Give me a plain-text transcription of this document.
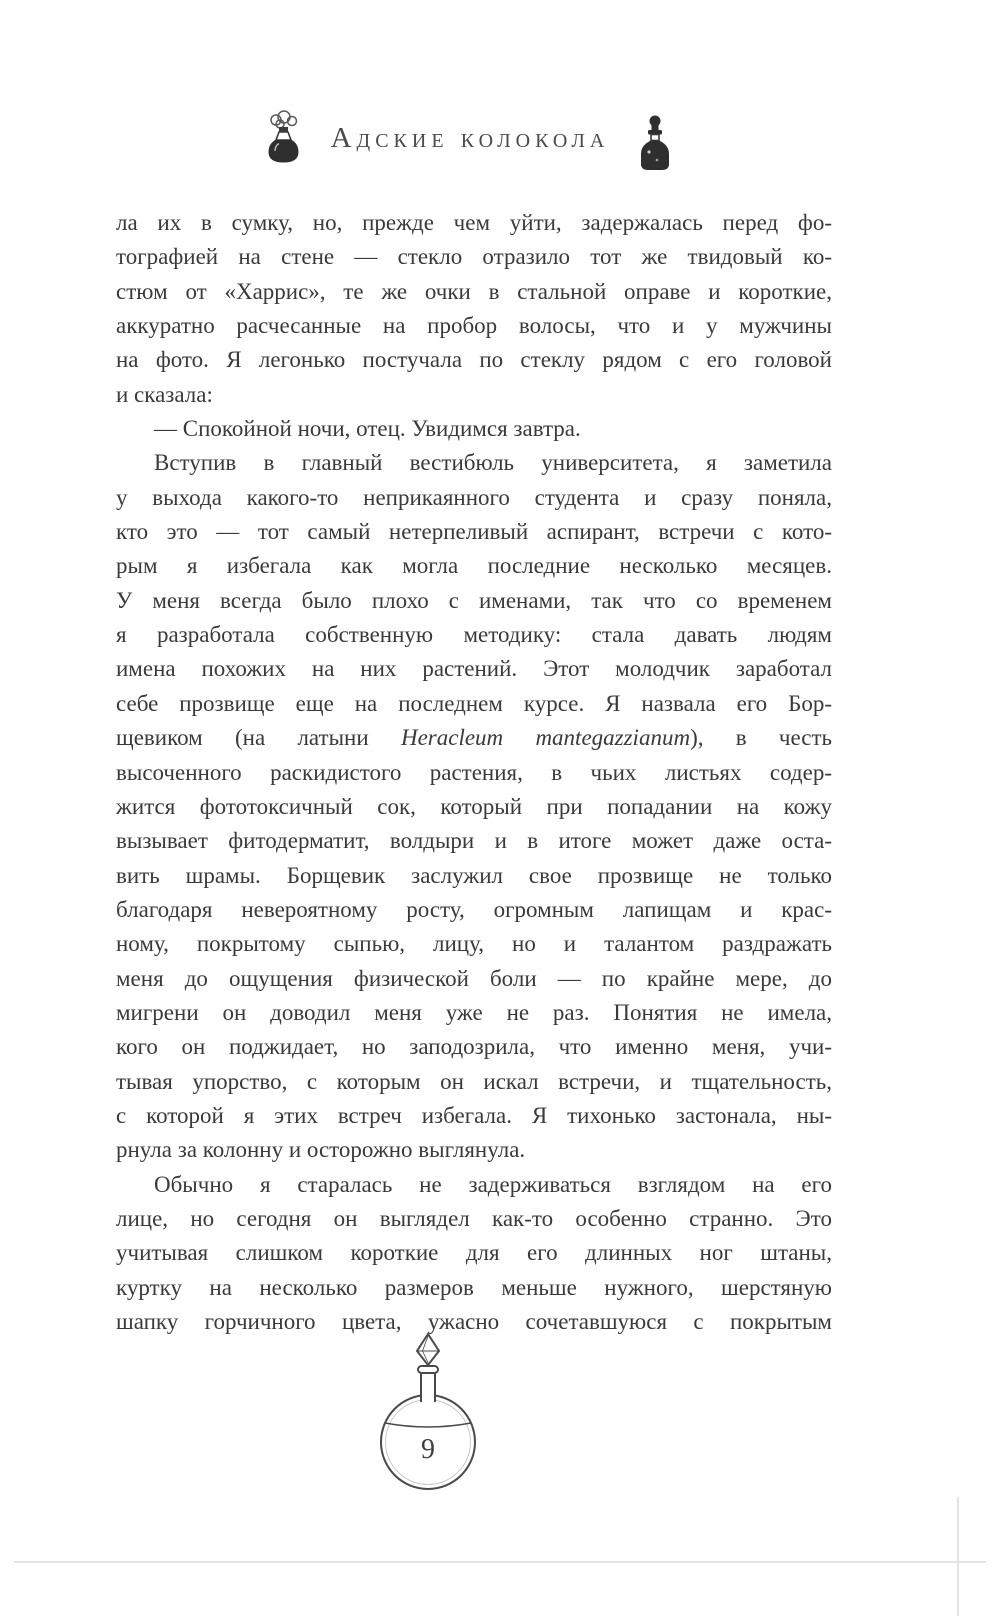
Адские колокола
ла их в сумку, но, прежде чем уйти, задержалась перед фо-
тографией на стене — стекло отразило тот же твидовый ко-
стюм от «Харрис», те же очки в стальной оправе и короткие,
аккуратно расчесанные на пробор волосы, что и у мужчины
на фото. Я легонько постучала по стеклу рядом с его головой
и сказала:
— Спокойной ночи, отец. Увидимся завтра.
Вступив в главный вестибюль университета, я заметила
у выхода какого-то неприкаянного студента и сразу поняла,
кто это — тот самый нетерпеливый аспирант, встречи с кото-
рым я избегала как могла последние несколько месяцев.
У меня всегда было плохо с именами, так что со временем
я разработала собственную методику: стала давать людям
имена похожих на них растений. Этот молодчик заработал
себе прозвище еще на последнем курсе. Я назвала его Бор-
щевиком (на латыни Heracleum mantegazzianum), в честь
высоченного раскидистого растения, в чьих листьях содер-
жится фототоксичный сок, который при попадании на кожу
вызывает фитодерматит, волдыри и в итоге может даже оста-
вить шрамы. Борщевик заслужил свое прозвище не только
благодаря невероятному росту, огромным лапищам и крас-
ному, покрытому сыпью, лицу, но и талантом раздражать
меня до ощущения физической боли — по крайне мере, до
мигрени он доводил меня уже не раз. Понятия не имела,
кого он поджидает, но заподозрила, что именно меня, учи-
тывая упорство, с которым он искал встречи, и тщательность,
с которой я этих встреч избегала. Я тихонько застонала, ны-
рнула за колонну и осторожно выглянула.
Обычно я старалась не задерживаться взглядом на его
лице, но сегодня он выглядел как-то особенно странно. Это
учитывая слишком короткие для его длинных ног штаны,
куртку на несколько размеров меньше нужного, шерстяную
шапку горчичного цвета, ужасно сочетавшуюся с покрытым
9
